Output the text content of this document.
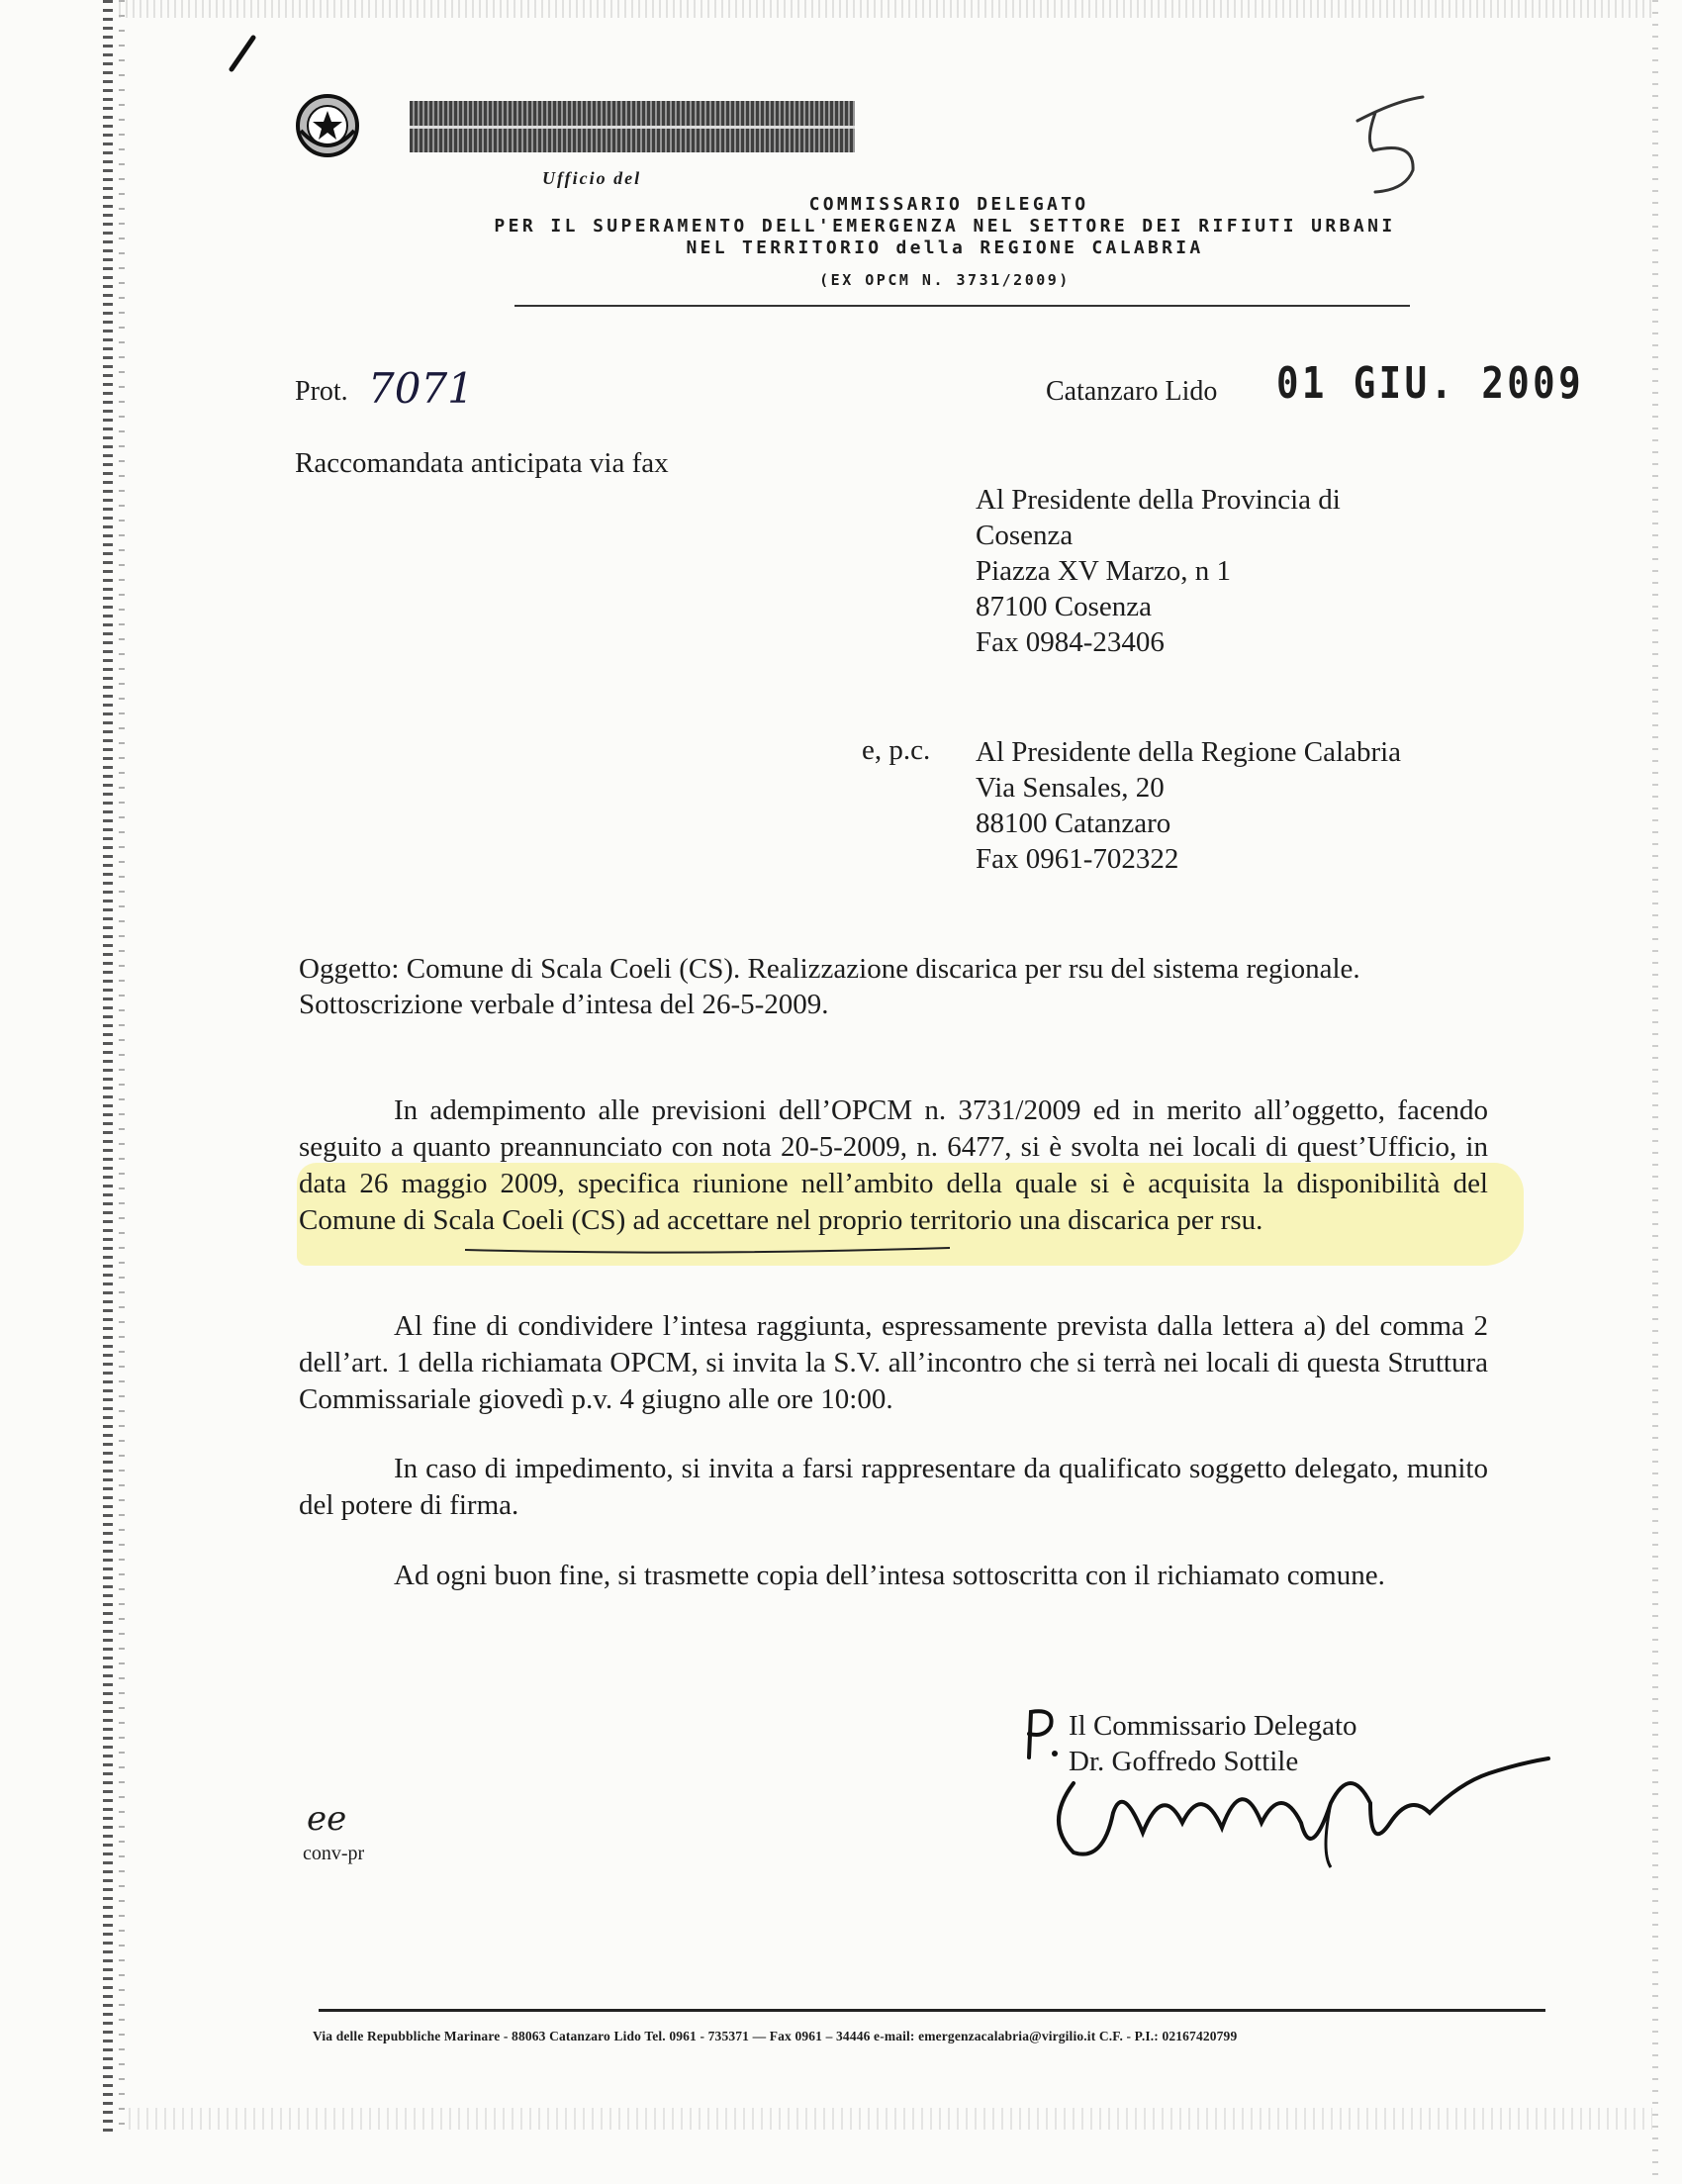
Ufficio del
COMMISSARIO DELEGATO
PER IL SUPERAMENTO DELL'EMERGENZA NEL SETTORE DEI RIFIUTI URBANI
NEL TERRITORIO della REGIONE CALABRIA
(EX OPCM N. 3731/2009)
Prot. 7071	Catanzaro Lido 01 GIU. 2009
Raccomandata anticipata via fax
Al Presidente della Provincia di
Cosenza
Piazza XV Marzo, n 1
87100 Cosenza
Fax 0984-23406
e, p.c. Al Presidente della Regione Calabria
Via Sensales, 20
88100 Catanzaro
Fax 0961-702322
Oggetto: Comune di Scala Coeli (CS). Realizzazione discarica per rsu del sistema regionale. Sottoscrizione verbale d’intesa del 26-5-2009.
In adempimento alle previsioni dell’OPCM n. 3731/2009 ed in merito all’oggetto, facendo seguito a quanto preannunciato con nota 20-5-2009, n. 6477, si è svolta nei locali di quest’Ufficio, in data 26 maggio 2009, specifica riunione nell’ambito della quale si è acquisita la disponibilità del Comune di Scala Coeli (CS) ad accettare nel proprio territorio una discarica per rsu.
Al fine di condividere l’intesa raggiunta, espressamente prevista dalla lettera a) del comma 2 dell’art. 1 della richiamata OPCM, si invita la S.V. all’incontro che si terrà nei locali di questa Struttura Commissariale giovedì p.v. 4 giugno alle ore 10:00.
In caso di impedimento, si invita a farsi rappresentare da qualificato soggetto delegato, munito del potere di firma.
Ad ogni buon fine, si trasmette copia dell’intesa sottoscritta con il richiamato comune.
Il Commissario Delegato
Dr. Goffredo Sottile
ee
conv-pr
Via delle Repubbliche Marinare - 88063 Catanzaro Lido Tel. 0961 - 735371 — Fax 0961 – 34446 e-mail: emergenzacalabria@virgilio.it C.F. - P.I.: 02167420799
